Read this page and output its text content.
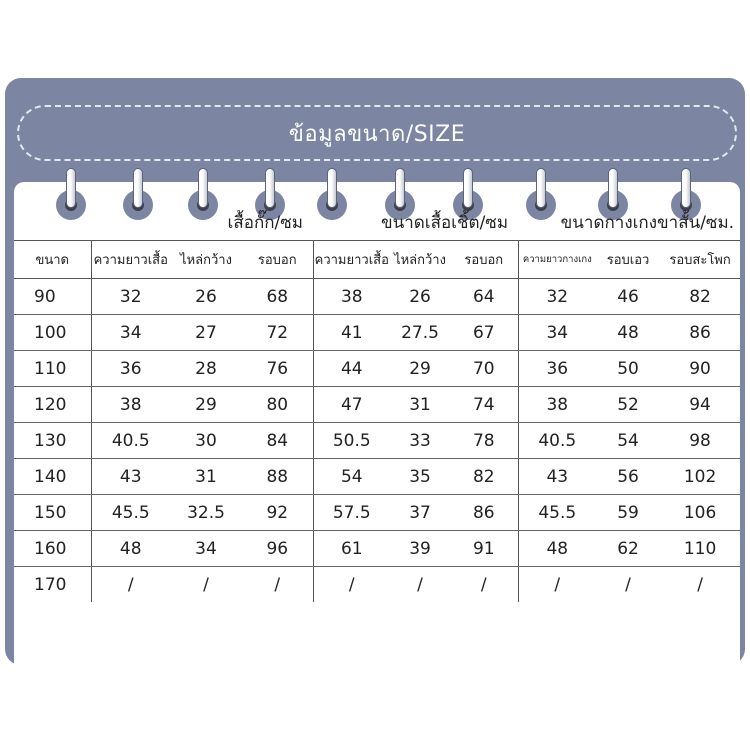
ข้อมูลขนาด/SIZE
	เสื้อกั๊ก/ซม			ขนาดเสื้อเชิ้ต/ซม			ขนาดกางเกงขาสั้น/ซม.		
ขนาด	ความยาวเสื้อ	ไหล่กว้าง	รอบอก	ความยาวเสื้อ	ไหล่กว้าง	รอบอก	ความยาวกางเกง	รอบเอว	รอบสะโพก
90	32	26	68	38	26	64	32	46	82
100	34	27	72	41	27.5	67	34	48	86
110	36	28	76	44	29	70	36	50	90
120	38	29	80	47	31	74	38	52	94
130	40.5	30	84	50.5	33	78	40.5	54	98
140	43	31	88	54	35	82	43	56	102
150	45.5	32.5	92	57.5	37	86	45.5	59	106
160	48	34	96	61	39	91	48	62	110
170	/	/	/	/	/	/	/	/	/
หมายเหตุ: การวัดด้วยมืออาจมีความคลาดเคลื่อน 1-2 ซม. กรุณาเข้าใจหากมีความคลาดเคลื่อนเล็กน้อย หากมีข้อสงสัยกรุณาติดต่อฝ่ายบริการลูกค้าออนไลน์
